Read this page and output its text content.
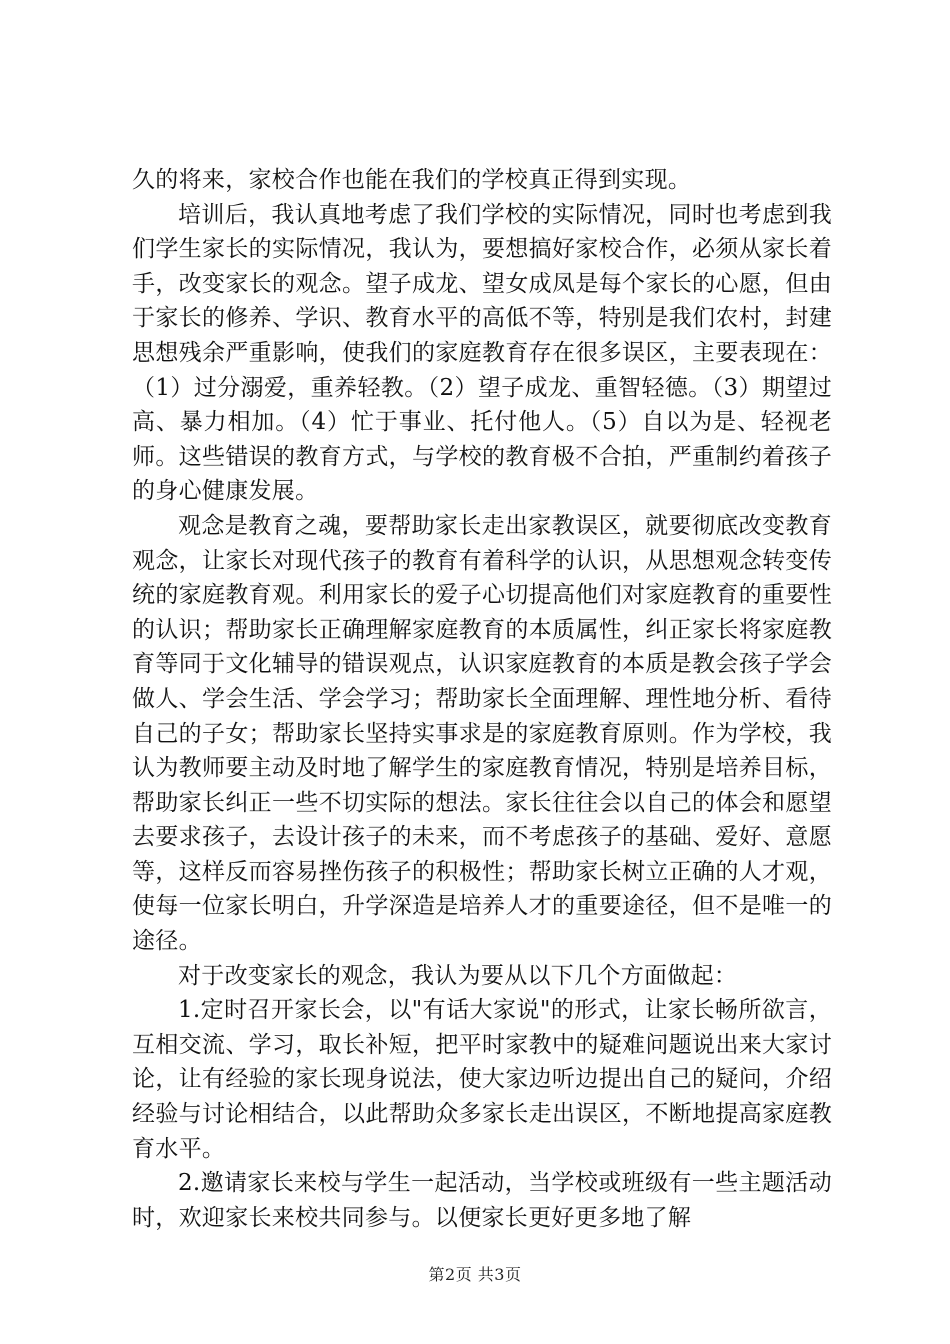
久的将来，家校合作也能在我们的学校真正得到实现。

培训后，我认真地考虑了我们学校的实际情况，同时也考虑到我们学生家长的实际情况，我认为，要想搞好家校合作，必须从家长着手，改变家长的观念。望子成龙、望女成凤是每个家长的心愿，但由于家长的修养、学识、教育水平的高低不等，特别是我们农村，封建思想残余严重影响，使我们的家庭教育存在很多误区，主要表现在：（1）过分溺爱，重养轻教。（2）望子成龙、重智轻德。（3）期望过高、暴力相加。（4）忙于事业、托付他人。（5）自以为是、轻视老师。这些错误的教育方式，与学校的教育极不合拍，严重制约着孩子的身心健康发展。

观念是教育之魂，要帮助家长走出家教误区，就要彻底改变教育观念，让家长对现代孩子的教育有着科学的认识，从思想观念转变传统的家庭教育观。利用家长的爱子心切提高他们对家庭教育的重要性的认识；帮助家长正确理解家庭教育的本质属性，纠正家长将家庭教育等同于文化辅导的错误观点，认识家庭教育的本质是教会孩子学会做人、学会生活、学会学习；帮助家长全面理解、理性地分析、看待自己的子女；帮助家长坚持实事求是的家庭教育原则。作为学校，我认为教师要主动及时地了解学生的家庭教育情况，特别是培养目标，帮助家长纠正一些不切实际的想法。家长往往会以自己的体会和愿望去要求孩子，去设计孩子的未来，而不考虑孩子的基础、爱好、意愿等，这样反而容易挫伤孩子的积极性；帮助家长树立正确的人才观，使每一位家长明白，升学深造是培养人才的重要途径，但不是唯一的途径。

对于改变家长的观念，我认为要从以下几个方面做起：

1.定时召开家长会，以"有话大家说"的形式，让家长畅所欲言，互相交流、学习，取长补短，把平时家教中的疑难问题说出来大家讨论，让有经验的家长现身说法，使大家边听边提出自己的疑问，介绍经验与讨论相结合，以此帮助众多家长走出误区，不断地提高家庭教育水平。

2.邀请家长来校与学生一起活动，当学校或班级有一些主题活动时，欢迎家长来校共同参与。以便家长更好更多地了解

第2页 共3页
